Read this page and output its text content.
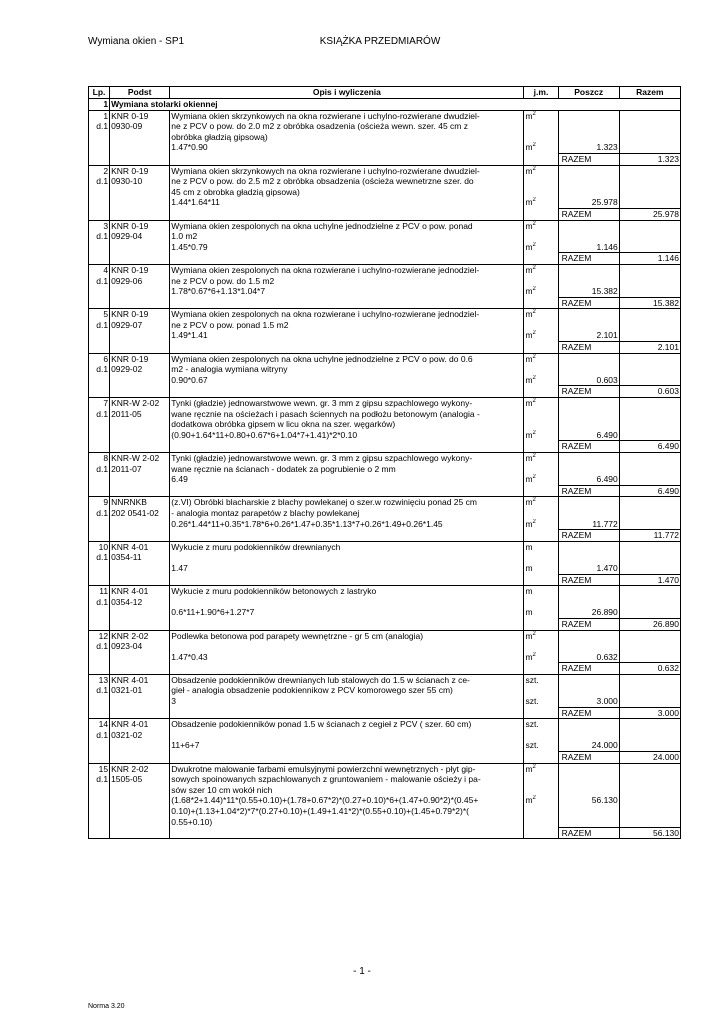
Wymiana okien - SP1	KSIĄŻKA PRZEDMIARÓW
Lp.	Podst	Opis i wyliczenia	j.m.	Poszcz	Razem
1	Wymiana stolarki okiennej				
1	KNR 0-19	Wymiana okien skrzynkowych na okna rozwierane i uchylno-rozwierane dwudziel-	$m^2$		
d.1	0930-09	ne z PCV o pow. do 2.0 m2 z obróbka osadzenia (ościeża wewn. szer. 45 cm z			
		obróbka gładzią gipsową)			
		1.47*0.90	$m^2$	1.323	
				RAZEM	1.323
2	KNR 0-19	Wymiana okien skrzynkowych na okna rozwierane i uchylno-rozwierane dwudziel-	$m^2$		
d.1	0930-10	ne z PCV o pow. do 2.5 m2 z obróbka obsadzenia (ościeża wewnetrzne szer. do			
		45 cm z obrobka gładzią gipsowa)			
		1.44*1.64*11	$m^2$	25.978	
				RAZEM	25.978
3	KNR 0-19	Wymiana okien zespolonych na okna uchylne jednodzielne z PCV o pow. ponad	$m^2$		
d.1	0929-04	1.0 m2			
		1.45*0.79	$m^2$	1.146	
				RAZEM	1.146
4	KNR 0-19	Wymiana okien zespolonych na okna rozwierane i uchylno-rozwierane jednodziel-	$m^2$		
d.1	0929-06	ne z PCV o pow. do 1.5 m2			
		1.78*0.67*6+1.13*1.04*7	$m^2$	15.382	
				RAZEM	15.382
5	KNR 0-19	Wymiana okien zespolonych na okna rozwierane i uchylno-rozwierane jednodziel-	$m^2$		
d.1	0929-07	ne z PCV o pow. ponad 1.5 m2			
		1.49*1.41	$m^2$	2.101	
				RAZEM	2.101
6	KNR 0-19	Wymiana okien zespolonych na okna uchylne jednodzielne z PCV o pow. do 0.6	$m^2$		
d.1	0929-02	m2 - analogia wymiana witryny			
		0.90*0.67	$m^2$	0.603	
				RAZEM	0.603
7	KNR-W 2-02	Tynki (gładzie) jednowarstwowe wewn. gr. 3 mm z gipsu szpachlowego wykony-	$m^2$		
d.1	2011-05	wane ręcznie na ościeżach i pasach ściennych na podłożu betonowym (analogia -			
		dodatkowa obróbka gipsem w licu okna na szer. węgarków)			
		(0.90+1.64*11+0.80+0.67*6+1.04*7+1.41)*2*0.10	$m^2$	6.490	
				RAZEM	6.490
8	KNR-W 2-02	Tynki (gładzie) jednowarstwowe wewn. gr. 3 mm z gipsu szpachlowego wykony-	$m^2$		
d.1	2011-07	wane ręcznie na ścianach - dodatek za pogrubienie o 2 mm			
		6.49	$m^2$	6.490	
				RAZEM	6.490
9	NNRNKB	(z.VI) Obróbki blacharskie z blachy powlekanej o szer.w rozwinięciu ponad 25 cm	$m^2$		
d.1	202 0541-02	- analogia montaz parapetów z blachy powlekanej			
		0.26*1.44*11+0.35*1.78*6+0.26*1.47+0.35*1.13*7+0.26*1.49+0.26*1.45	$m^2$	11.772	
				RAZEM	11.772
10	KNR 4-01	Wykucie z muru podokienników drewnianych	m		
d.1	0354-11				
		1.47	m	1.470	
				RAZEM	1.470
11	KNR 4-01	Wykucie z muru podokienników betonowych z lastryko	m		
d.1	0354-12				
		0.6*11+1.90*6+1.27*7	m	26.890	
				RAZEM	26.890
12	KNR 2-02	Podlewka betonowa pod parapety wewnętrzne - gr 5 cm (analogia)	$m^2$		
d.1	0923-04				
		1.47*0.43	$m^2$	0.632	
				RAZEM	0.632
13	KNR 4-01	Obsadzenie podokienników drewnianych lub stalowych do 1.5 w ścianach z ce-	szt.		
d.1	0321-01	gieł - analogia obsadzenie podokiennikow z PCV komorowego szer 55 cm)			
		3	szt.	3.000	
				RAZEM	3.000
14	KNR 4-01	Obsadzenie podokienników ponad 1.5 w ścianach z cegieł z PCV ( szer. 60 cm)	szt.		
d.1	0321-02				
		11+6+7	szt.	24.000	
				RAZEM	24.000
15	KNR 2-02	Dwukrotne malowanie farbami emulsyjnymi powierzchni wewnętrznych - płyt gip-	$m^2$		
d.1	1505-05	sowych spoinowanych szpachlowanych z gruntowaniem - malowanie ościeży i pa-			
		sów szer 10 cm wokół nich			
		(1.68*2+1.44)*11*(0.55+0.10)+(1.78+0.67*2)*(0.27+0.10)*6+(1.47+0.90*2)*(0.45+	$m^2$	56.130	
		0.10)+(1.13+1.04*2)*7*(0.27+0.10)+(1.49+1.41*2)*(0.55+0.10)+(1.45+0.79*2)*(			
		0.55+0.10)			
				RAZEM	56.130
- 1 -
Norma 3.20
